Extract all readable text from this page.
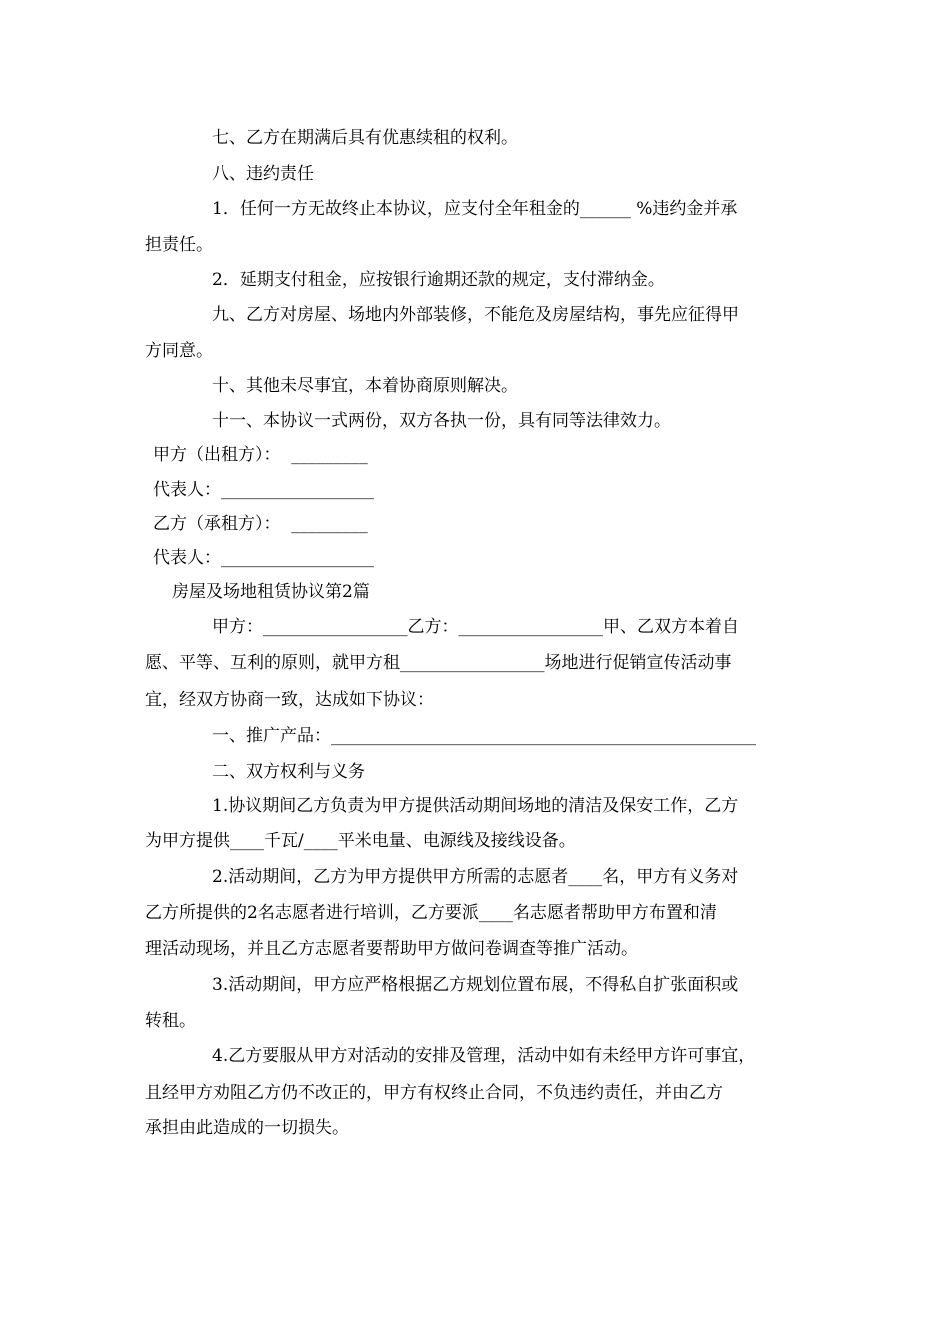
七、乙方在期满后具有优惠续租的权利。
八、违约责任
1．任何一方无故终止本协议，应支付全年租金的______ %违约金并承
担责任。
2．延期支付租金，应按银行逾期还款的规定，支付滞纳金。
九、乙方对房屋、场地内外部装修，不能危及房屋结构，事先应征得甲
方同意。
十、其他未尽事宜，本着协商原则解决。
十一、本协议一式两份，双方各执一份，具有同等法律效力。
甲方（出租方）：  _________
代表人：__________________
乙方（承租方）：  _________
代表人：__________________
房屋及场地租赁协议第2篇
甲方：_________________乙方：_________________甲、乙双方本着自
愿、平等、互利的原则，就甲方租_________________场地进行促销宣传活动事
宜，经双方协商一致，达成如下协议：
一、推广产品：__________________________________________________
二、双方权利与义务
1.协议期间乙方负责为甲方提供活动期间场地的清洁及保安工作，乙方
为甲方提供____千瓦/____平米电量、电源线及接线设备。
2.活动期间，乙方为甲方提供甲方所需的志愿者____名，甲方有义务对
乙方所提供的2名志愿者进行培训，乙方要派____名志愿者帮助甲方布置和清
理活动现场，并且乙方志愿者要帮助甲方做问卷调查等推广活动。
3.活动期间，甲方应严格根据乙方规划位置布展，不得私自扩张面积或
转租。
4.乙方要服从甲方对活动的安排及管理，活动中如有未经甲方许可事宜，
且经甲方劝阻乙方仍不改正的，甲方有权终止合同，不负违约责任，并由乙方
承担由此造成的一切损失。
